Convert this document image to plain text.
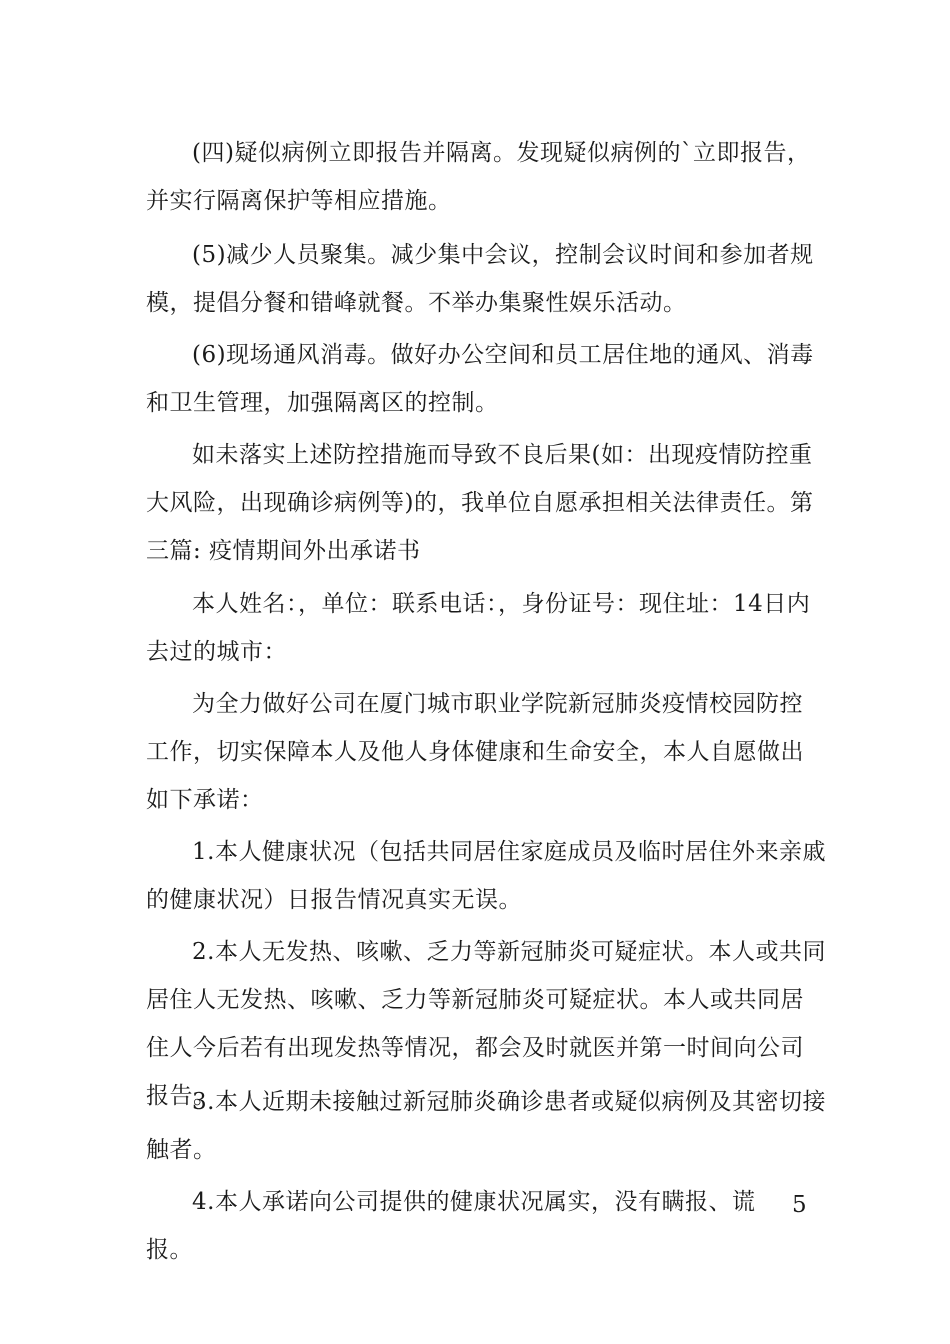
(四)疑似病例立即报告并隔离。发现疑似病例的`立即报告，并实行隔离保护等相应措施。

(5)减少人员聚集。减少集中会议，控制会议时间和参加者规模，提倡分餐和错峰就餐。不举办集聚性娱乐活动。

(6)现场通风消毒。做好办公空间和员工居住地的通风、消毒和卫生管理，加强隔离区的控制。

如未落实上述防控措施而导致不良后果(如：出现疫情防控重大风险，出现确诊病例等)的，我单位自愿承担相关法律责任。第三篇: 疫情期间外出承诺书

本人姓名：，单位：联系电话：，身份证号：现住址：14日内去过的城市：

为全力做好公司在厦门城市职业学院新冠肺炎疫情校园防控工作，切实保障本人及他人身体健康和生命安全，本人自愿做出如下承诺：

1.本人健康状况（包括共同居住家庭成员及临时居住外来亲戚的健康状况）日报告情况真实无误。

2.本人无发热、咳嗽、乏力等新冠肺炎可疑症状。本人或共同居住人无发热、咳嗽、乏力等新冠肺炎可疑症状。本人或共同居住人今后若有出现发热等情况，都会及时就医并第一时间向公司报告。

3.本人近期未接触过新冠肺炎确诊患者或疑似病例及其密切接触者。

4.本人承诺向公司提供的健康状况属实，没有瞒报、谎报。

5
